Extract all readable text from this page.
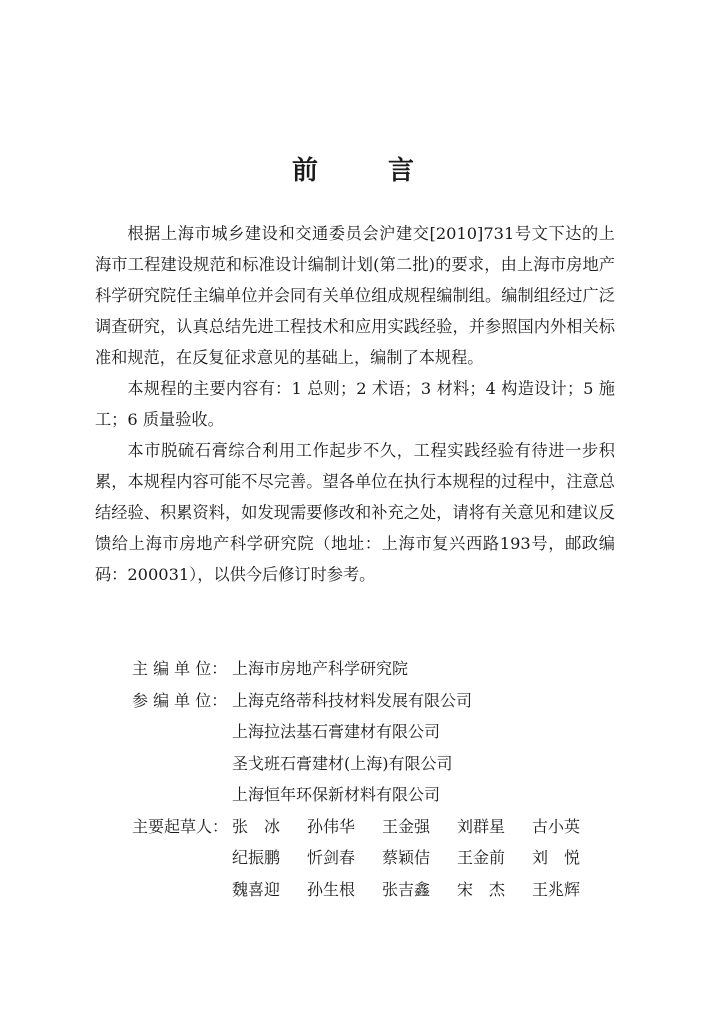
前　言

根据上海市城乡建设和交通委员会沪建交[2010]731号文下达的上海市工程建设规范和标准设计编制计划(第二批)的要求，由上海市房地产科学研究院任主编单位并会同有关单位组成规程编制组。编制组经过广泛调查研究，认真总结先进工程技术和应用实践经验，并参照国内外相关标准和规范，在反复征求意见的基础上，编制了本规程。

本规程的主要内容有：1 总则；2 术语；3 材料；4 构造设计；5 施工；6 质量验收。

本市脱硫石膏综合利用工作起步不久，工程实践经验有待进一步积累，本规程内容可能不尽完善。望各单位在执行本规程的过程中，注意总结经验、积累资料，如发现需要修改和补充之处，请将有关意见和建议反馈给上海市房地产科学研究院（地址：上海市复兴西路193号，邮政编码：200031），以供今后修订时参考。

主 编 单 位： 上海市房地产科学研究院
参 编 单 位： 上海克络蒂科技材料发展有限公司
上海拉法基石膏建材有限公司
圣戈班石膏建材(上海)有限公司
上海恒年环保新材料有限公司
主要起草人： 张　冰	孙伟华	王金强	刘群星	古小英
纪振鹏	忻剑春	蔡颖佶	王金前	刘　悦
魏喜迎	孙生根	张吉鑫	宋　杰	王兆辉
